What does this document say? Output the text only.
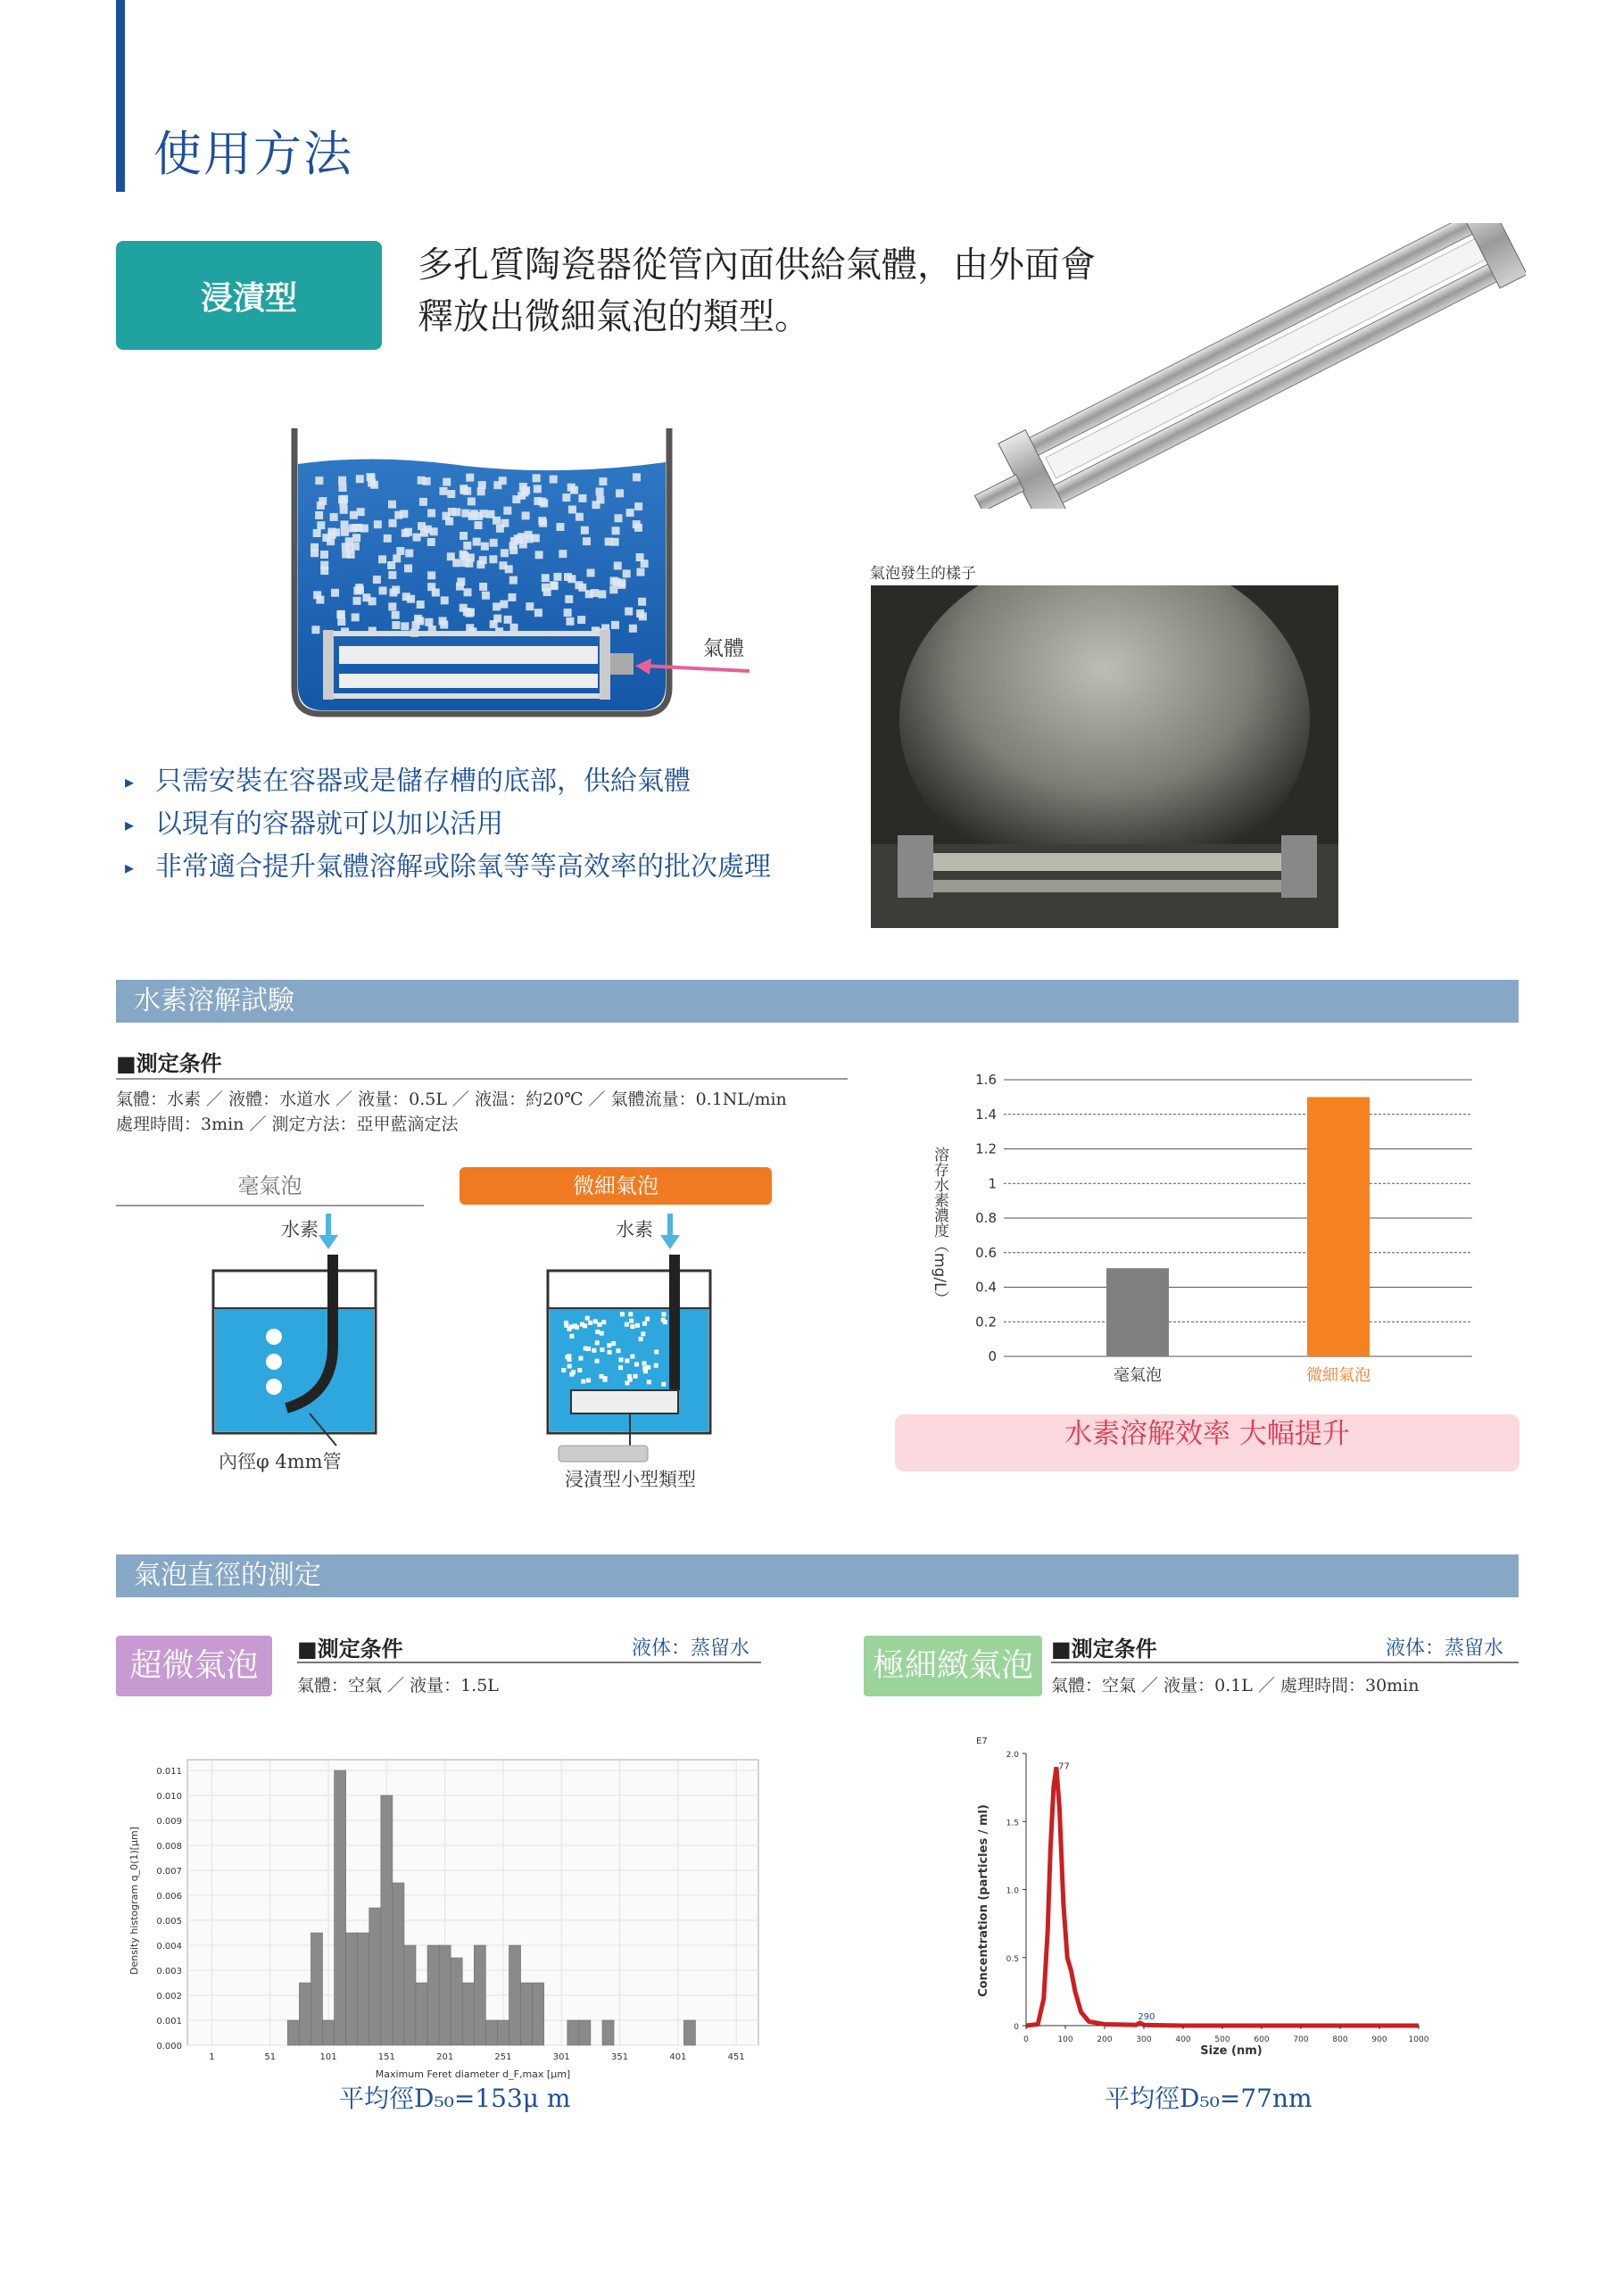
使用方法
浸漬型
多孔質陶瓷器從管內面供給氣體，由外面會
釋放出微細氣泡的類型。
氣體
氣泡發生的樣子
▸ 只需安裝在容器或是儲存槽的底部，供給氣體
▸ 以現有的容器就可以加以活用
▸ 非常適合提升氣體溶解或除氧等等高效率的批次處理
水素溶解試驗
■測定条件
氣體：水素 ／ 液體：水道水 ／ 液量：0.5L ／ 液温：約20℃ ／ 氣體流量：0.1NL/min
處理時間：3min ／ 測定方法：亞甲藍滴定法
毫氣泡	微細氣泡
水素
內徑φ 4mm管
水素
浸漬型小型類型
0
0.2
0.4
0.6
0.8
1
1.2
1.4
1.6
毫氣泡	微細氣泡
溶存水素濃度（mg/L）
水素溶解效率 大幅提升
氣泡直徑的測定
超微氣泡	■測定条件	液体：蒸留水
氣體：空氣 ／ 液量：1.5L
極細緻氣泡 ■測定条件	液体：蒸留水
氣體：空氣 ／ 液量：0.1L ／ 處理時間：30min
0.000
0.001
0.002
0.003
0.004
0.005
0.006
0.007
0.008
0.009
0.010
0.011
1	51	101	151	201	251	301	351	401	451
Maximum Feret diameter d_F,max [μm]
Density histogram q_0(1)[μm]
平均徑D₅₀=153μ m
0	100	200	300	400	500	600	700	800	900	1000
0
0.5
1.0
1.5
2.0
E7
77
290
Size (nm)
Concentration (particles / ml)
平均徑D₅₀=77nm
